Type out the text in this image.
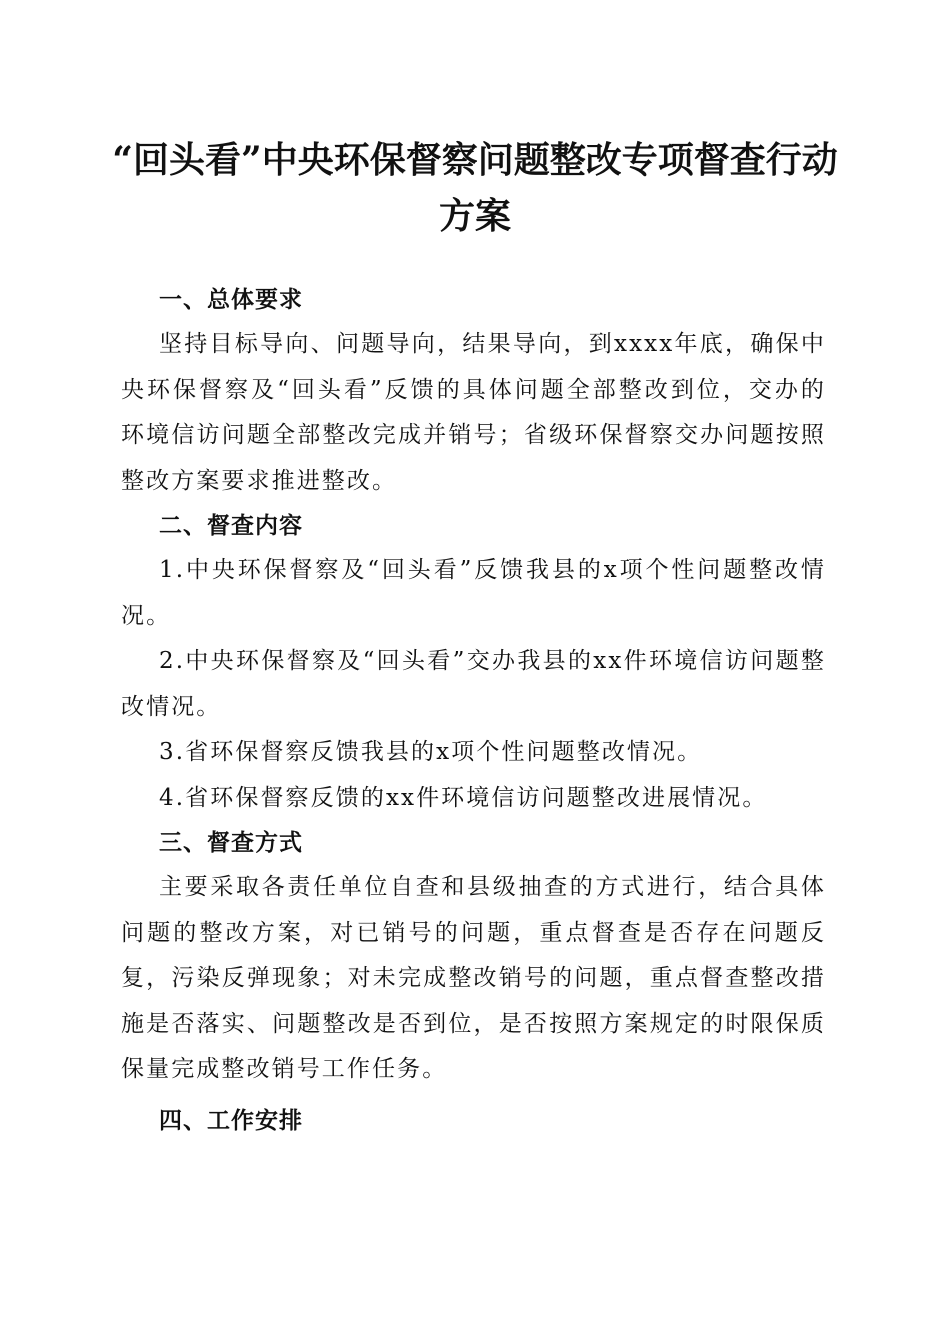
“回头看”中央环保督察问题整改专项督查行动方案
一、总体要求

坚持目标导向、问题导向，结果导向，到xxxx年底，确保中央环保督察及“回头看”反馈的具体问题全部整改到位，交办的环境信访问题全部整改完成并销号；省级环保督察交办问题按照整改方案要求推进整改。

二、督查内容

1.中央环保督察及“回头看”反馈我县的x项个性问题整改情况。

2.中央环保督察及“回头看”交办我县的xx件环境信访问题整改情况。

3.省环保督察反馈我县的x项个性问题整改情况。

4.省环保督察反馈的xx件环境信访问题整改进展情况。

三、督查方式

主要采取各责任单位自查和县级抽查的方式进行，结合具体问题的整改方案，对已销号的问题，重点督查是否存在问题反复，污染反弹现象；对未完成整改销号的问题，重点督查整改措施是否落实、问题整改是否到位，是否按照方案规定的时限保质保量完成整改销号工作任务。

四、工作安排
